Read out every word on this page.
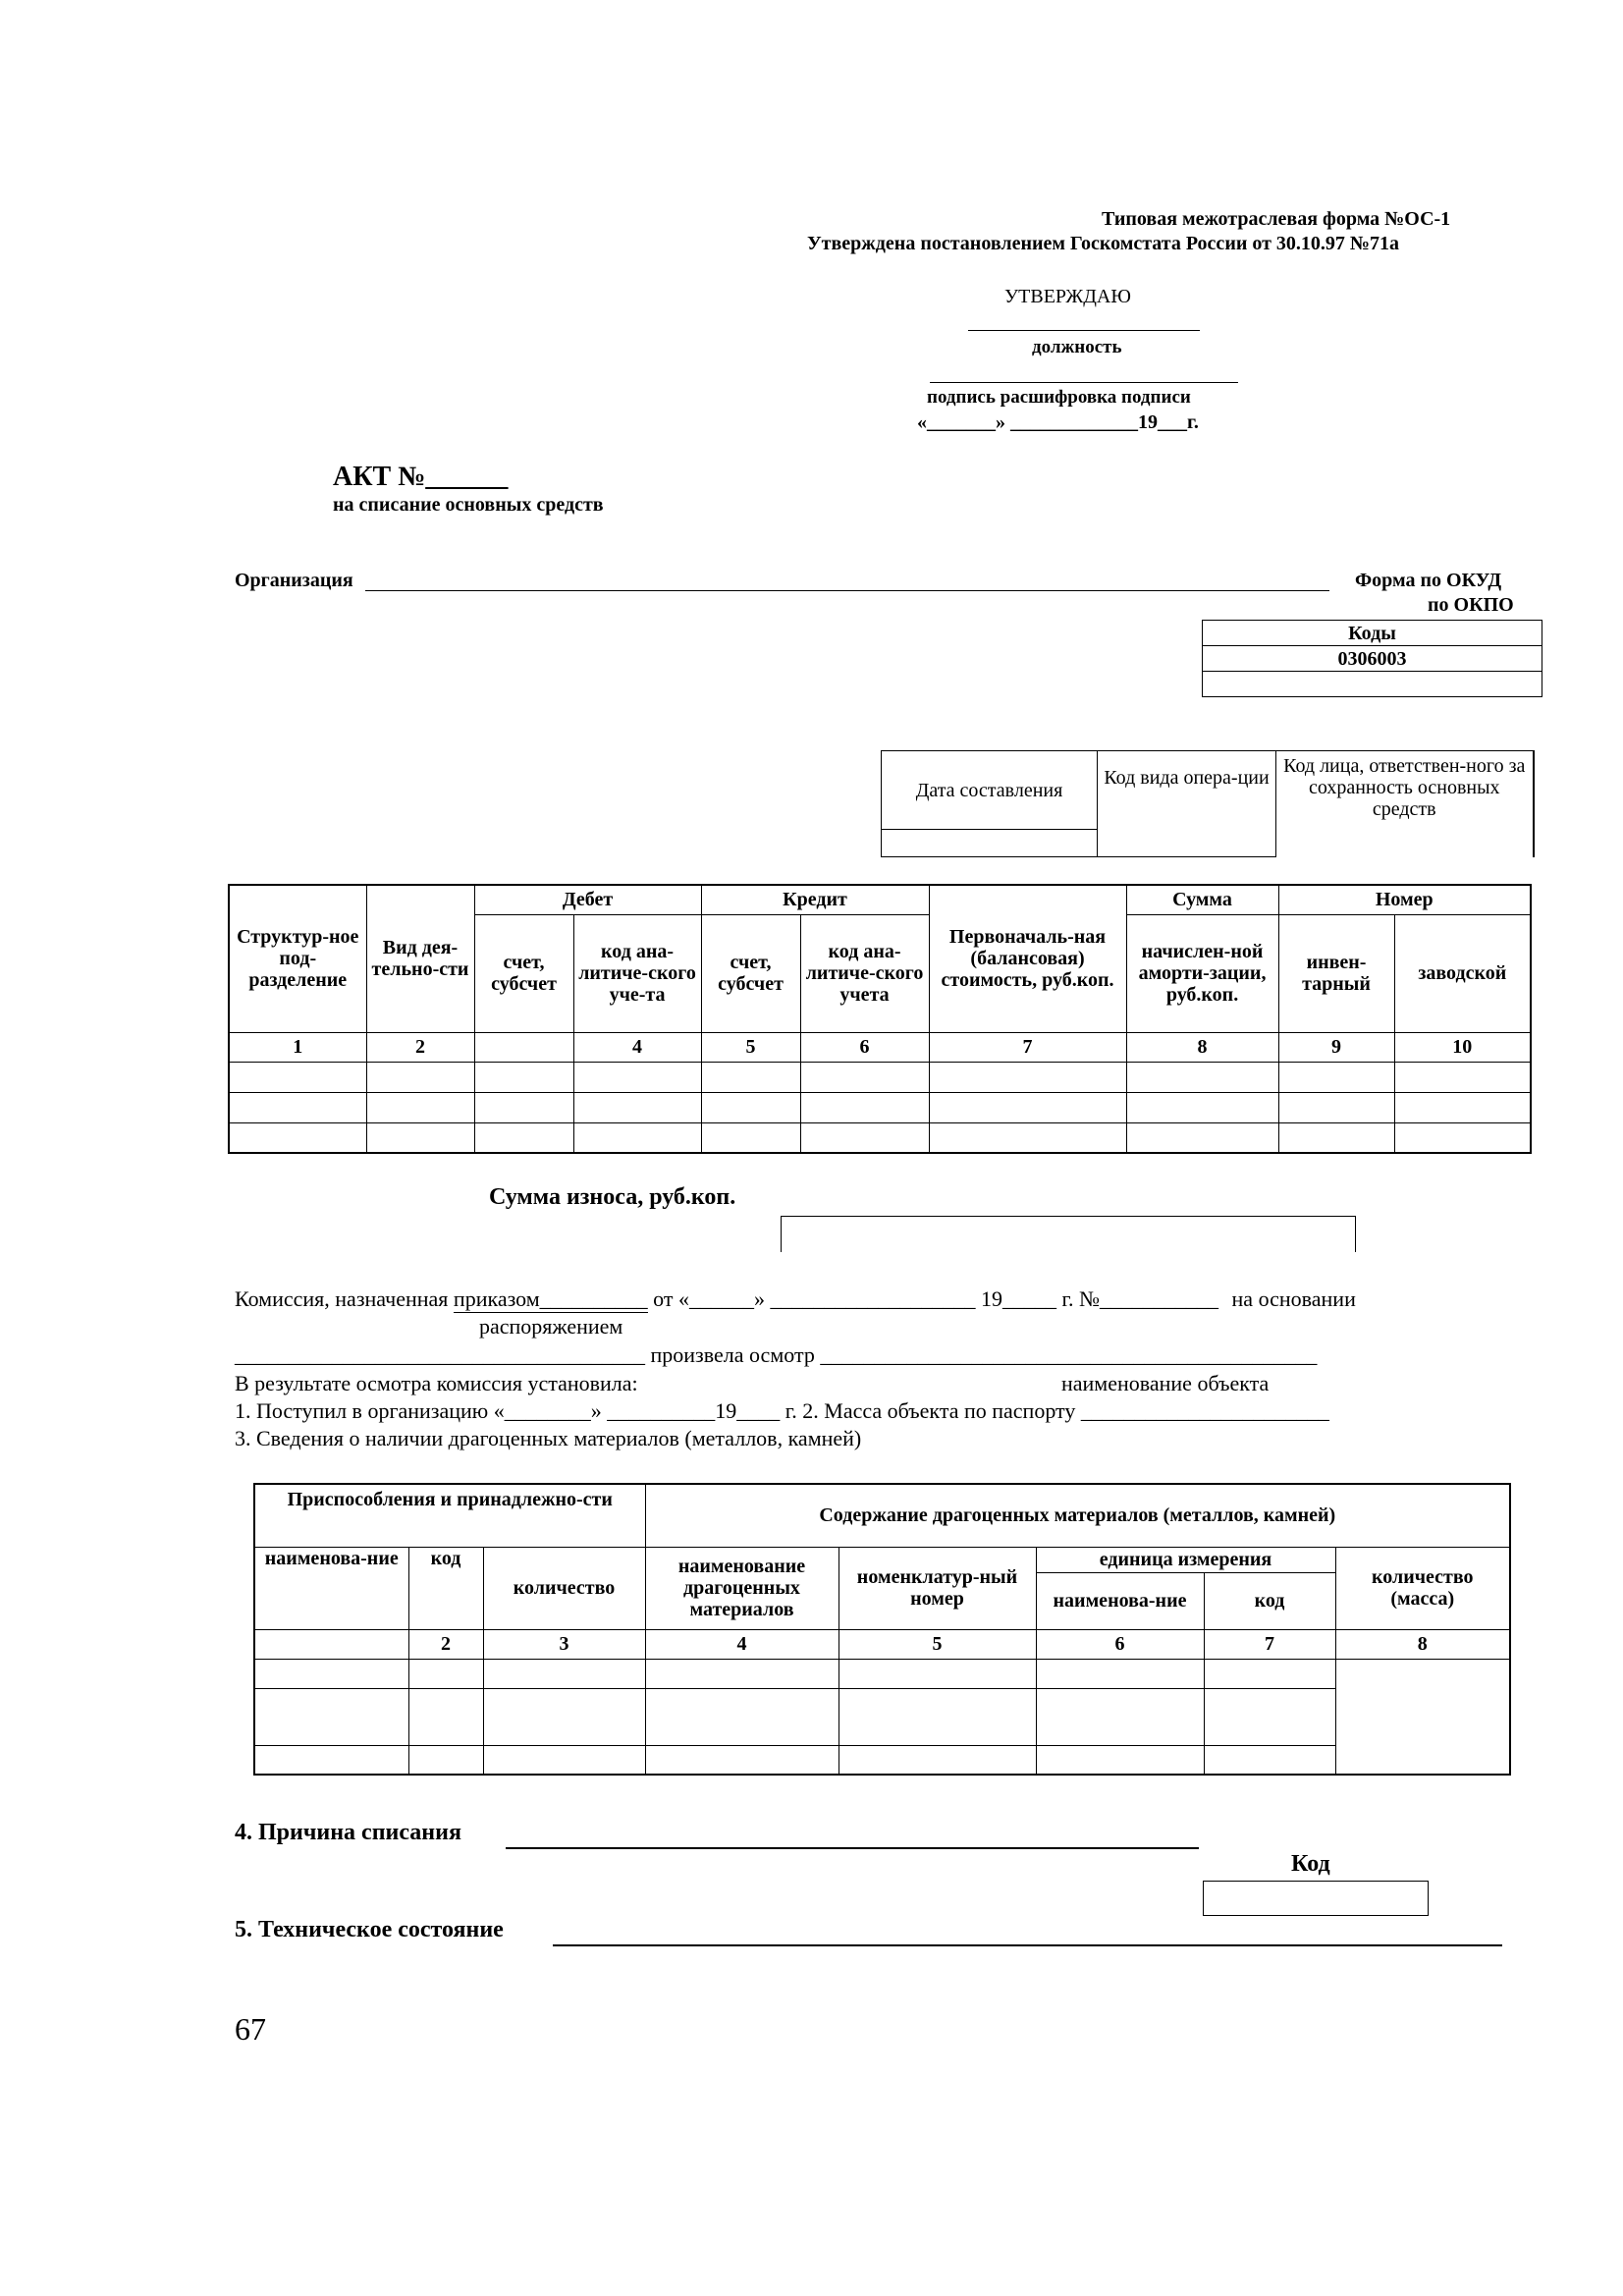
Типовая межотраслевая форма №ОС-1
Утверждена постановлением Госкомстата России от 30.10.97 №71а
УТВЕРЖДАЮ
должность
подпись расшифровка подписи
«_______» _____________19___г.
АКТ №______
на списание основных средств
Организация	Форма по ОКУД
по ОКПО
Коды
0306003

Дата составления	Код вида опера-ции	Код лица, ответствен-ного за сохранность основных средств

Структур-ное под-разделение	Вид дея-тельно-сти	Дебет		Кредит		Первоначаль-ная (балансовая) стоимость, руб.коп.	Сумма	Номер	
		счет, субсчет	код ана-литиче-ского уче-та	счет, субсчет	код ана-литиче-ского учета		начислен-ной аморти-зации, руб.коп.	инвен-тарный	заводской
1	2		4	5	6	7	8	9	10

Сумма износа, руб.коп.
Комиссия, назначенная приказом__________ от «______» ___________________ 19_____ г. №___________ на основании
распоряжением
______________________________________ произвела осмотр ______________________________________________
В результате осмотра комиссия установила:	наименование объекта
1. Поступил в организацию «________» __________19____ г. 2. Масса объекта по паспорту _______________________
3. Сведения о наличии драгоценных материалов (металлов, камней)
Приспособления и принадлежно-сти			Содержание драгоценных материалов (металлов, камней)				
наименова-ние	код	количество	наименование драгоценных материалов	номенклатур-ный номер	единица измерения		количество (масса)
					наименова-ние	код	
	2	3	4	5	6	7	8

4. Причина списания
Код
5. Техническое состояние
67
